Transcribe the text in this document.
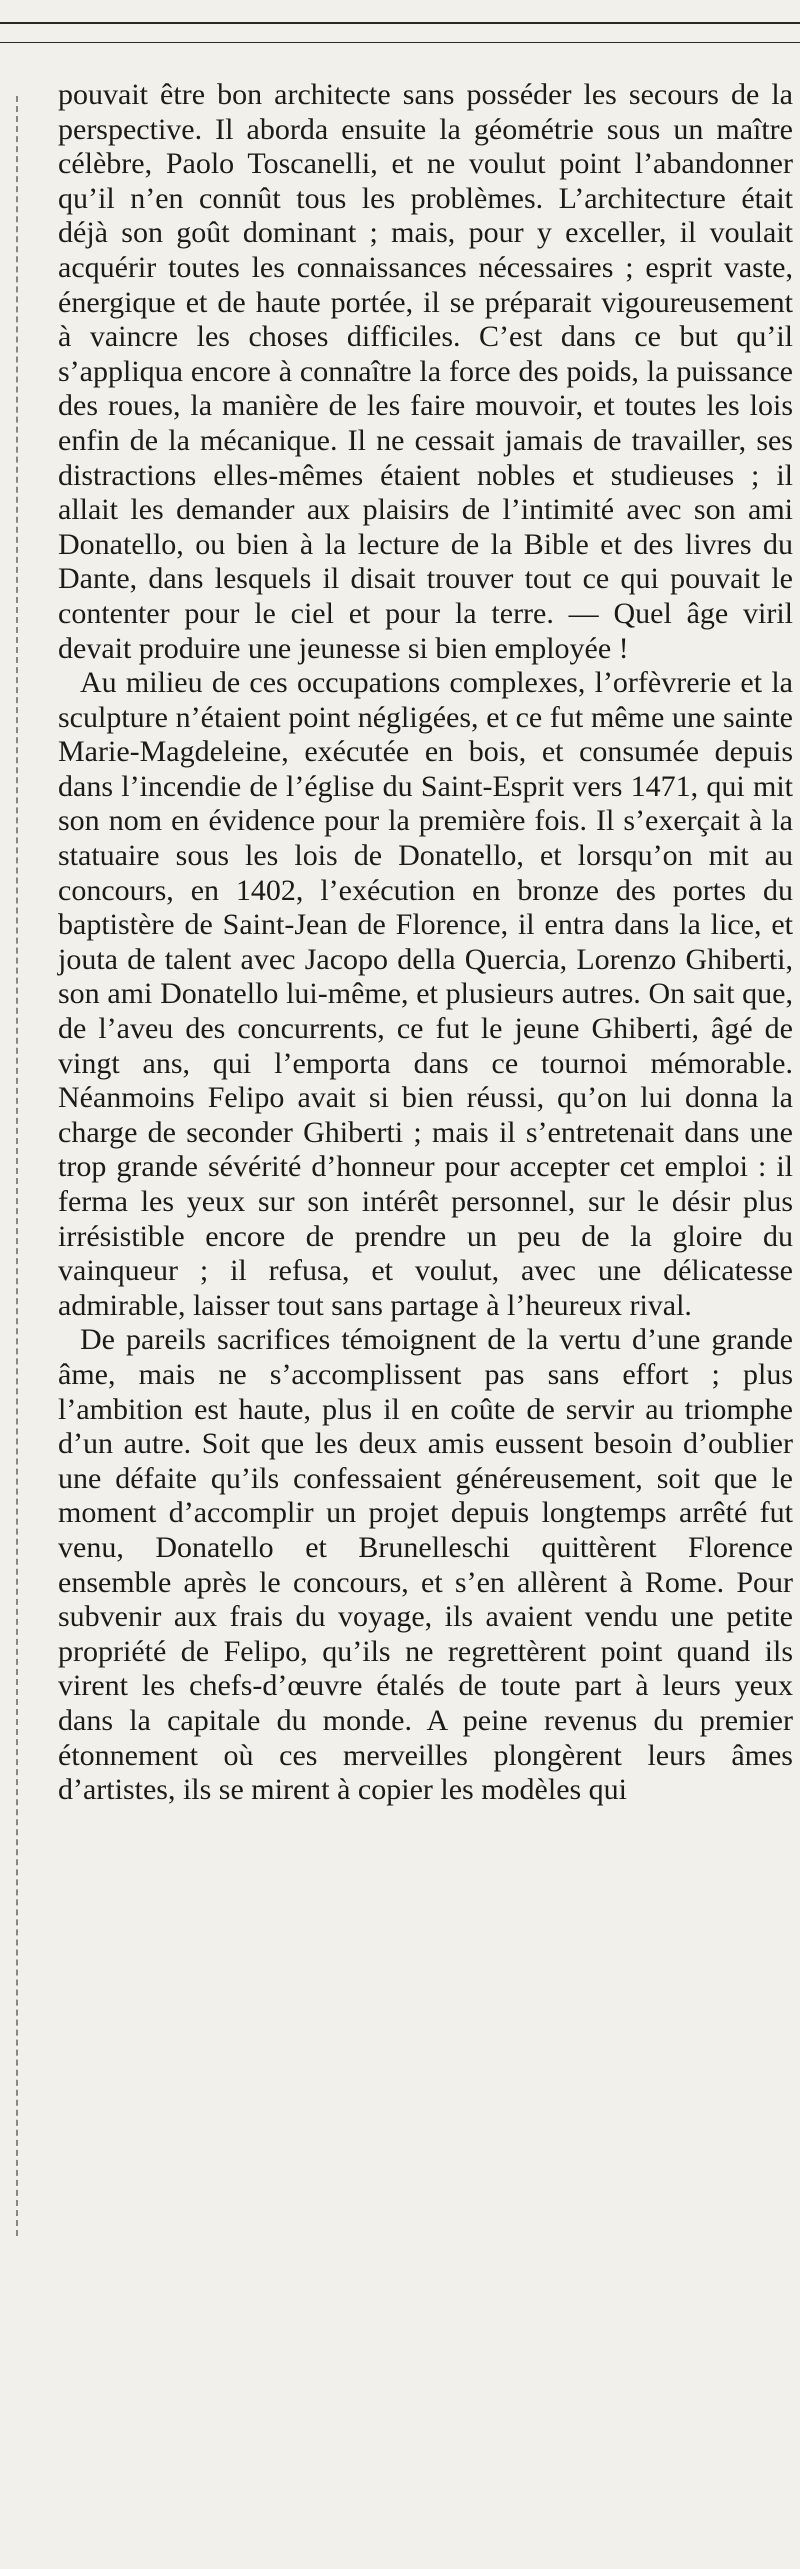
pouvait être bon architecte sans posséder les secours de la perspective. Il aborda ensuite la géométrie sous un maître célèbre, Paolo Toscanelli, et ne voulut point l’abandonner qu’il n’en connût tous les problèmes. L’architecture était déjà son goût dominant ; mais, pour y exceller, il voulait acquérir toutes les connaissances nécessaires ; esprit vaste, énergique et de haute portée, il se préparait vigoureusement à vaincre les choses difficiles. C’est dans ce but qu’il s’appliqua encore à connaître la force des poids, la puissance des roues, la manière de les faire mouvoir, et toutes les lois enfin de la mécanique. Il ne cessait jamais de travailler, ses distractions elles-mêmes étaient nobles et studieuses ; il allait les demander aux plaisirs de l’intimité avec son ami Donatello, ou bien à la lecture de la Bible et des livres du Dante, dans lesquels il disait trouver tout ce qui pouvait le contenter pour le ciel et pour la terre. — Quel âge viril devait produire une jeunesse si bien employée !

Au milieu de ces occupations complexes, l’orfèvrerie et la sculpture n’étaient point négligées, et ce fut même une sainte Marie-Magdeleine, exécutée en bois, et consumée depuis dans l’incendie de l’église du Saint-Esprit vers 1471, qui mit son nom en évidence pour la première fois. Il s’exerçait à la statuaire sous les lois de Donatello, et lorsqu’on mit au concours, en 1402, l’exécution en bronze des portes du baptistère de Saint-Jean de Florence, il entra dans la lice, et jouta de talent avec Jacopo della Quercia, Lorenzo Ghiberti, son ami Donatello lui-même, et plusieurs autres. On sait que, de l’aveu des concurrents, ce fut le jeune Ghiberti, âgé de vingt ans, qui l’emporta dans ce tournoi mémorable. Néanmoins Felipo avait si bien réussi, qu’on lui donna la charge de seconder Ghiberti ; mais il s’entretenait dans une trop grande sévérité d’honneur pour accepter cet emploi : il ferma les yeux sur son intérêt personnel, sur le désir plus irrésistible encore de prendre un peu de la gloire du vainqueur ; il refusa, et voulut, avec une délicatesse admirable, laisser tout sans partage à l’heureux rival.

De pareils sacrifices témoignent de la vertu d’une grande âme, mais ne s’accomplissent pas sans effort ; plus l’ambition est haute, plus il en coûte de servir au triomphe d’un autre. Soit que les deux amis eussent besoin d’oublier une défaite qu’ils confessaient généreusement, soit que le moment d’accomplir un projet depuis longtemps arrêté fut venu, Donatello et Brunelleschi quittèrent Florence ensemble après le concours, et s’en allèrent à Rome. Pour subvenir aux frais du voyage, ils avaient vendu une petite propriété de Felipo, qu’ils ne regrettèrent point quand ils virent les chefs-d’œuvre étalés de toute part à leurs yeux dans la capitale du monde. A peine revenus du premier étonnement où ces merveilles plongèrent leurs âmes d’artistes, ils se mirent à copier les modèles qui
